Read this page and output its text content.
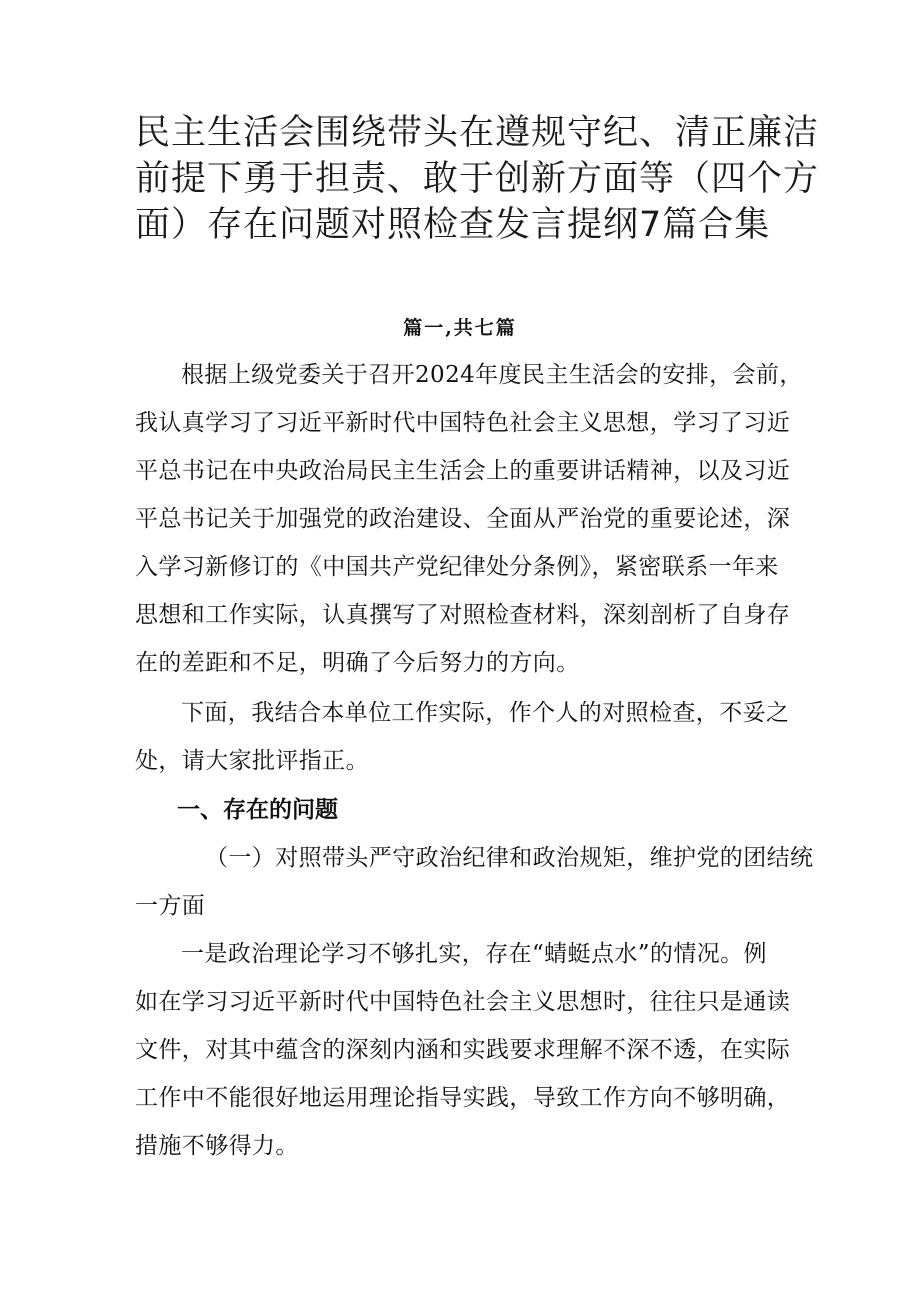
民主生活会围绕带头在遵规守纪、清正廉洁
前提下勇于担责、敢于创新方面等（四个方
面）存在问题对照检查发言提纲7篇合集

篇一,共七篇

根据上级党委关于召开2024年度民主生活会的安排，会前，
我认真学习了习近平新时代中国特色社会主义思想，学习了习近
平总书记在中央政治局民主生活会上的重要讲话精神，以及习近
平总书记关于加强党的政治建设、全面从严治党的重要论述，深
入学习新修订的《中国共产党纪律处分条例》，紧密联系一年来
思想和工作实际，认真撰写了对照检查材料，深刻剖析了自身存
在的差距和不足，明确了今后努力的方向。
下面，我结合本单位工作实际，作个人的对照检查，不妥之
处，请大家批评指正。
一、存在的问题
（一）对照带头严守政治纪律和政治规矩，维护党的团结统
一方面
一是政治理论学习不够扎实，存在“蜻蜓点水”的情况。例
如在学习习近平新时代中国特色社会主义思想时，往往只是通读
文件，对其中蕴含的深刻内涵和实践要求理解不深不透，在实际
工作中不能很好地运用理论指导实践，导致工作方向不够明确，
措施不够得力。
